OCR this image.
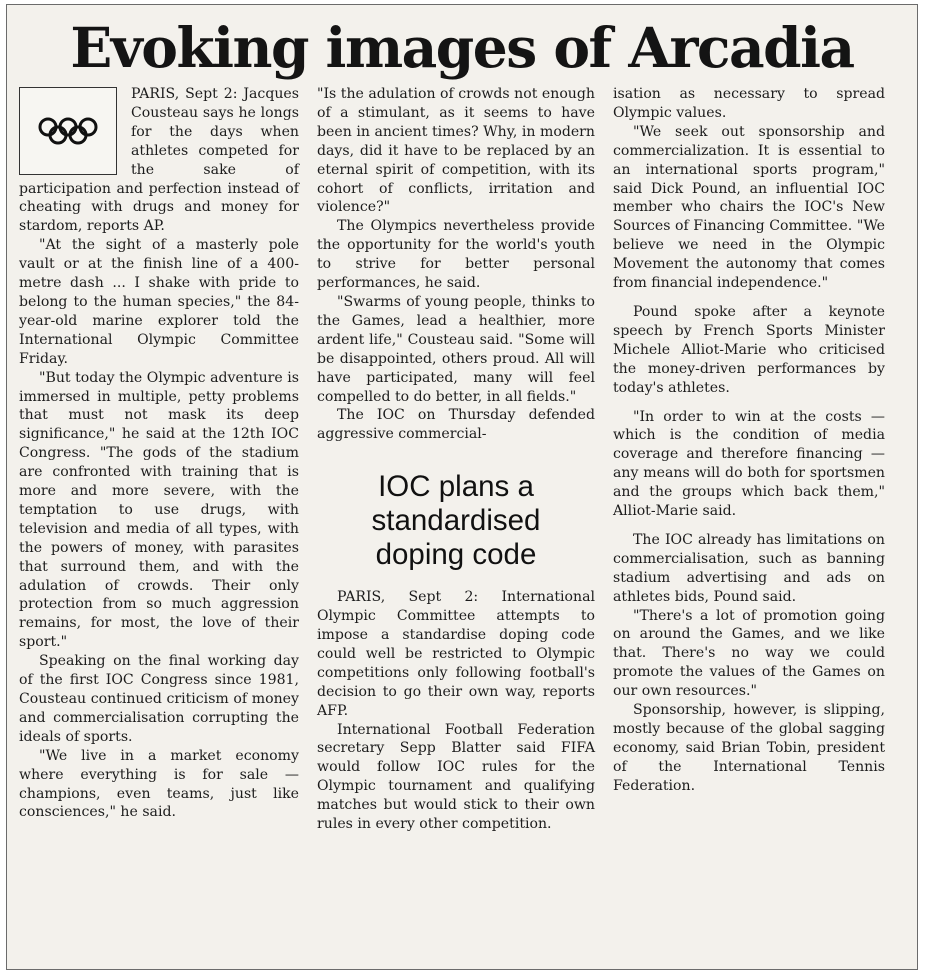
Evoking images of Arcadia

PARIS, Sept 2: Jacques Cousteau says he longs for the days when athletes competed for the sake of participation and perfection instead of cheating with drugs and money for stardom, reports AP.

"At the sight of a masterly pole vault or at the finish line of a 400-metre dash ... I shake with pride to belong to the human species," the 84-year-old marine explorer told the International Olympic Committee Friday.

"But today the Olympic adventure is immersed in multiple, petty problems that must not mask its deep significance," he said at the 12th IOC Congress. "The gods of the stadium are confronted with training that is more and more severe, with the temptation to use drugs, with television and media of all types, with the powers of money, with parasites that surround them, and with the adulation of crowds. Their only protection from so much aggression remains, for most, the love of their sport."

Speaking on the final working day of the first IOC Congress since 1981, Cousteau continued criticism of money and commercialisation corrupting the ideals of sports.

"We live in a market economy where everything is for sale — champions, even teams, just like consciences," he said.

"Is the adulation of crowds not enough of a stimulant, as it seems to have been in ancient times? Why, in modern days, did it have to be replaced by an eternal spirit of competition, with its cohort of conflicts, irritation and violence?"

The Olympics nevertheless provide the opportunity for the world's youth to strive for better personal performances, he said.

"Swarms of young people, thinks to the Games, lead a healthier, more ardent life," Cousteau said. "Some will be disappointed, others proud. All will have participated, many will feel compelled to do better, in all fields."

The IOC on Thursday defended aggressive commercial-

IOC plans a
standardised
doping code

PARIS, Sept 2: International Olympic Committee attempts to impose a standardise doping code could well be restricted to Olympic competitions only following football's decision to go their own way, reports AFP.

International Football Federation secretary Sepp Blatter said FIFA would follow IOC rules for the Olympic tournament and qualifying matches but would stick to their own rules in every other competition.

isation as necessary to spread Olympic values.

"We seek out sponsorship and commercialization. It is essential to an international sports program," said Dick Pound, an influential IOC member who chairs the IOC's New Sources of Financing Committee. "We believe we need in the Olympic Movement the autonomy that comes from financial independence."

Pound spoke after a keynote speech by French Sports Minister Michele Alliot-Marie who criticised the money-driven performances by today's athletes.

"In order to win at the costs — which is the condition of media coverage and therefore financing — any means will do both for sportsmen and the groups which back them," Alliot-Marie said.

The IOC already has limitations on commercialisation, such as banning stadium advertising and ads on athletes bids, Pound said.

"There's a lot of promotion going on around the Games, and we like that. There's no way we could promote the values of the Games on our own resources."

Sponsorship, however, is slipping, mostly because of the global sagging economy, said Brian Tobin, president of the International Tennis Federation.
